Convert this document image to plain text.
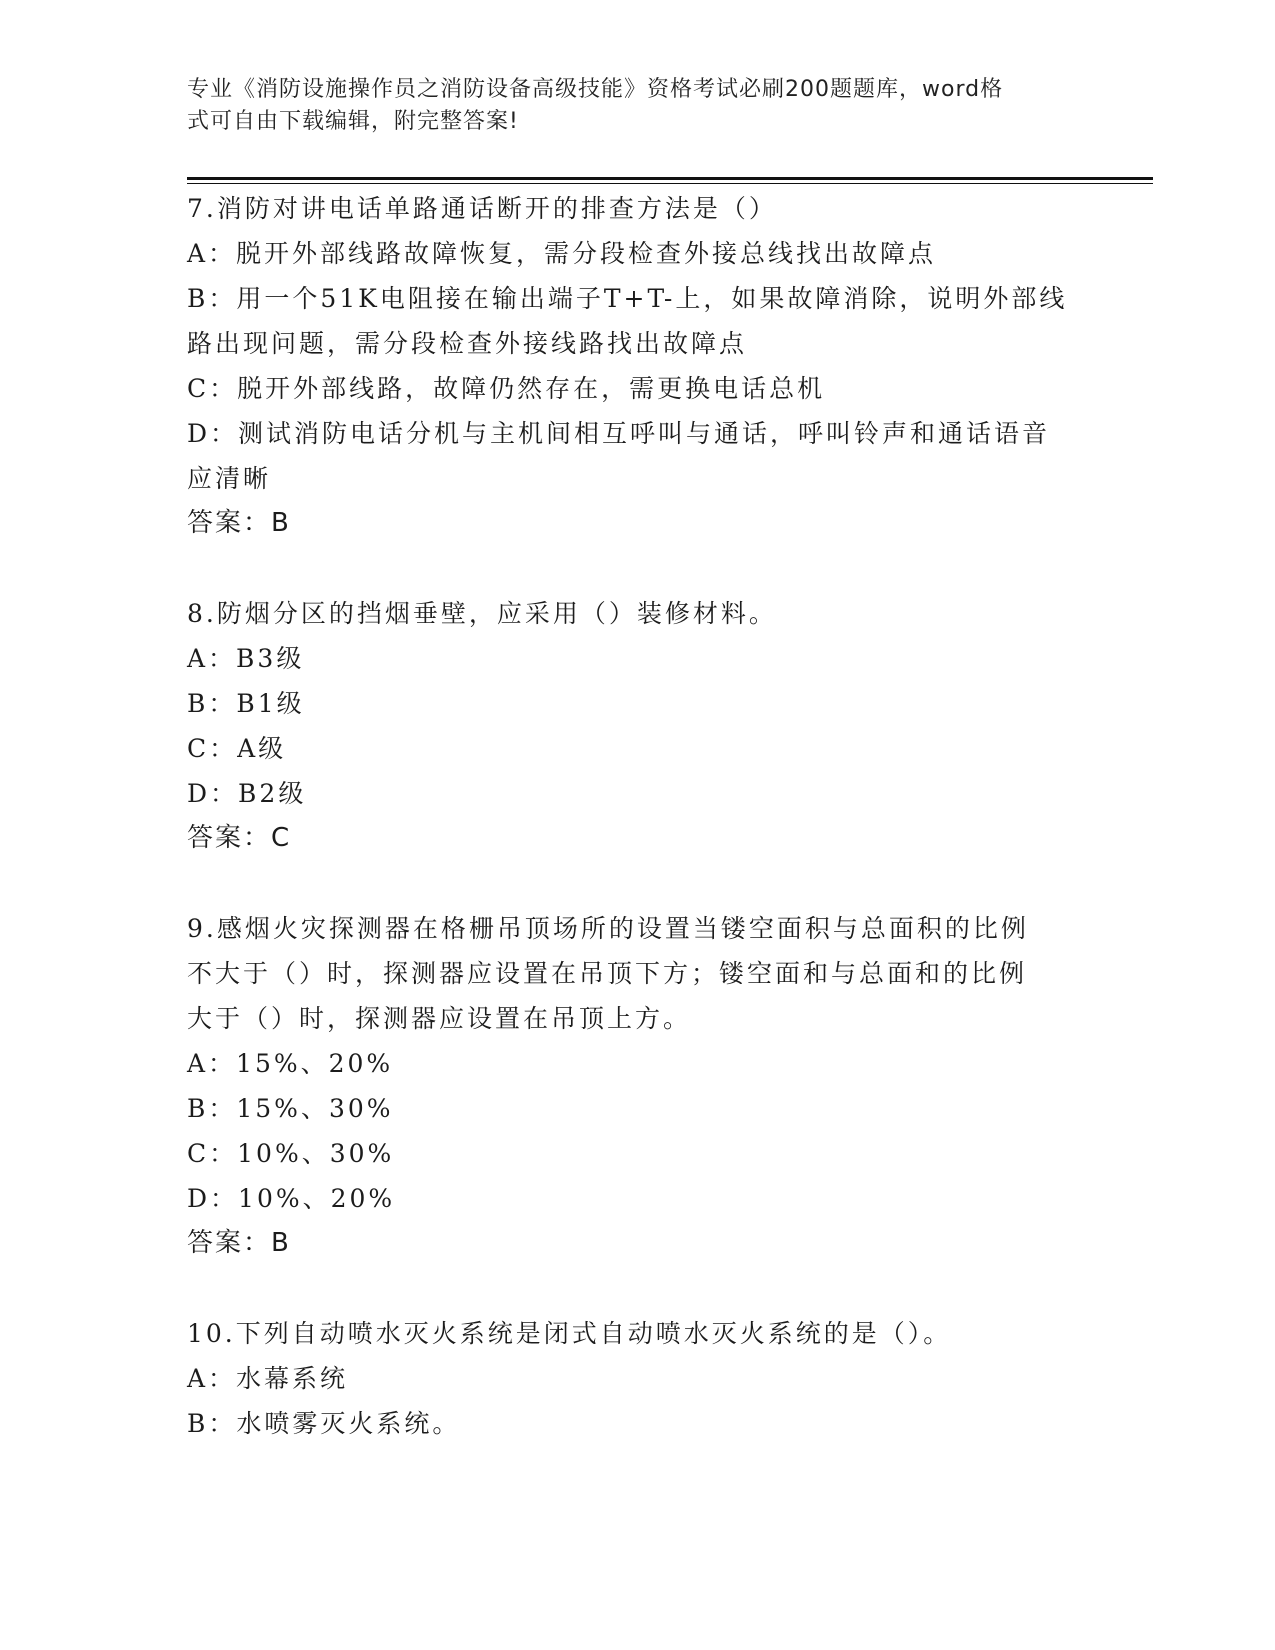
专业《消防设施操作员之消防设备高级技能》资格考试必刷200题题库，word格
式可自由下载编辑，附完整答案!
7.消防对讲电话单路通话断开的排查方法是（）
A：脱开外部线路故障恢复，需分段检查外接总线找出故障点
B：用一个51K电阻接在输出端子T+T-上，如果故障消除，说明外部线
路出现问题，需分段检查外接线路找出故障点
C：脱开外部线路，故障仍然存在，需更换电话总机
D：测试消防电话分机与主机间相互呼叫与通话，呼叫铃声和通话语音
应清晰
答案：B
8.防烟分区的挡烟垂壁，应采用（）装修材料。
A：B3级
B：B1级
C：A级
D：B2级
答案：C
9.感烟火灾探测器在格栅吊顶场所的设置当镂空面积与总面积的比例
不大于（）时，探测器应设置在吊顶下方；镂空面和与总面和的比例
大于（）时，探测器应设置在吊顶上方。
A：15%、20%
B：15%、30%
C：10%、30%
D：10%、20%
答案：B
10.下列自动喷水灭火系统是闭式自动喷水灭火系统的是（）。
A：水幕系统
B：水喷雾灭火系统。
